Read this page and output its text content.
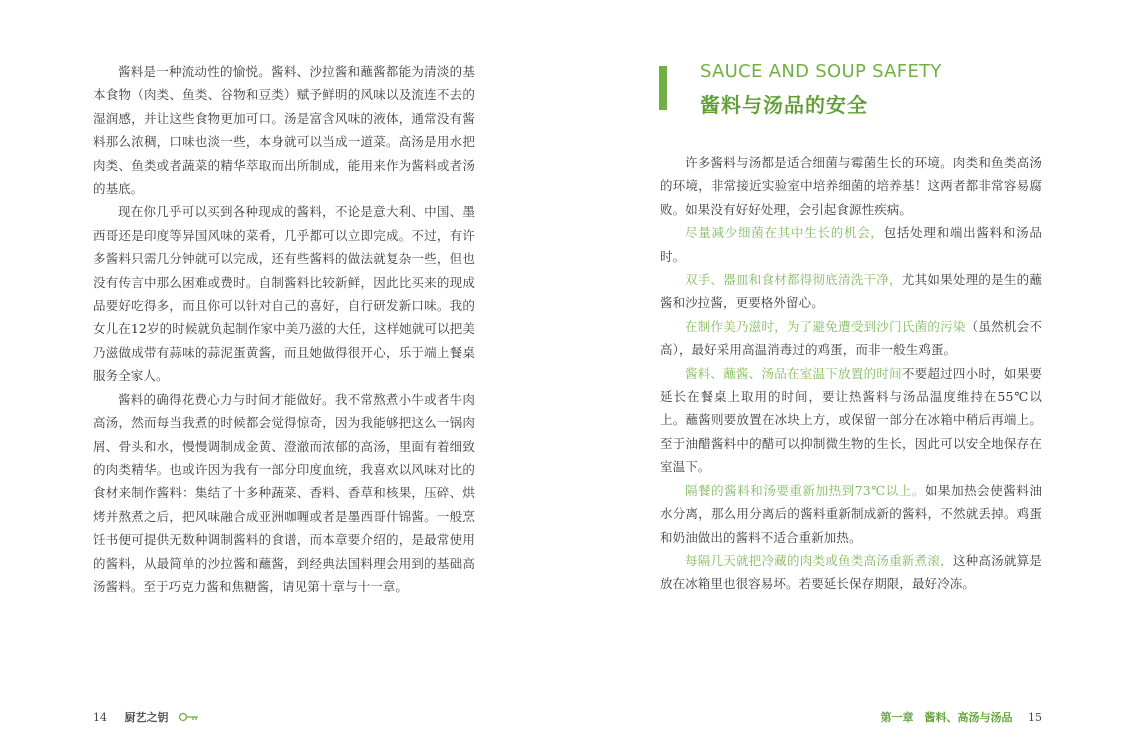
酱料是一种流动性的愉悦。酱料、沙拉酱和蘸酱都能为清淡的基本食物（肉类、鱼类、谷物和豆类）赋予鲜明的风味以及流连不去的湿润感，并让这些食物更加可口。汤是富含风味的液体，通常没有酱料那么浓稠，口味也淡一些，本身就可以当成一道菜。高汤是用水把肉类、鱼类或者蔬菜的精华萃取而出所制成，能用来作为酱料或者汤的基底。

现在你几乎可以买到各种现成的酱料，不论是意大利、中国、墨西哥还是印度等异国风味的菜肴，几乎都可以立即完成。不过，有许多酱料只需几分钟就可以完成，还有些酱料的做法就复杂一些，但也没有传言中那么困难或费时。自制酱料比较新鲜，因此比买来的现成品要好吃得多，而且你可以针对自己的喜好，自行研发新口味。我的女儿在12岁的时候就负起制作家中美乃滋的大任，这样她就可以把美乃滋做成带有蒜味的蒜泥蛋黄酱，而且她做得很开心，乐于端上餐桌服务全家人。

酱料的确得花费心力与时间才能做好。我不常熬煮小牛或者牛肉高汤，然而每当我煮的时候都会觉得惊奇，因为我能够把这么一锅肉屑、骨头和水，慢慢调制成金黄、澄澈而浓郁的高汤，里面有着细致的肉类精华。也或许因为我有一部分印度血统，我喜欢以风味对比的食材来制作酱料：集结了十多种蔬菜、香料、香草和核果，压碎、烘烤并熬煮之后，把风味融合成亚洲咖喱或者是墨西哥什锦酱。一般烹饪书便可提供无数种调制酱料的食谱，而本章要介绍的，是最常使用的酱料，从最简单的沙拉酱和蘸酱，到经典法国料理会用到的基础高汤酱料。至于巧克力酱和焦糖酱，请见第十章与十一章。

14 厨艺之钥
SAUCE AND SOUP SAFETY
酱料与汤品的安全

许多酱料与汤都是适合细菌与霉菌生长的环境。肉类和鱼类高汤的环境，非常接近实验室中培养细菌的培养基！这两者都非常容易腐败。如果没有好好处理，会引起食源性疾病。

尽量减少细菌在其中生长的机会，包括处理和端出酱料和汤品时。

双手、器皿和食材都得彻底清洗干净，尤其如果处理的是生的蘸酱和沙拉酱，更要格外留心。

在制作美乃滋时，为了避免遭受到沙门氏菌的污染（虽然机会不高），最好采用高温消毒过的鸡蛋，而非一般生鸡蛋。

酱料、蘸酱、汤品在室温下放置的时间不要超过四小时，如果要延长在餐桌上取用的时间，要让热酱料与汤品温度维持在55℃以上。蘸酱则要放置在冰块上方，或保留一部分在冰箱中稍后再端上。至于油醋酱料中的醋可以抑制微生物的生长，因此可以安全地保存在室温下。

隔餐的酱料和汤要重新加热到73℃以上。如果加热会使酱料油水分离，那么用分离后的酱料重新制成新的酱料，不然就丢掉。鸡蛋和奶油做出的酱料不适合重新加热。

每隔几天就把冷藏的肉类或鱼类高汤重新煮滚，这种高汤就算是放在冰箱里也很容易坏。若要延长保存期限，最好冷冻。

第一章　酱料、高汤与汤品 15
